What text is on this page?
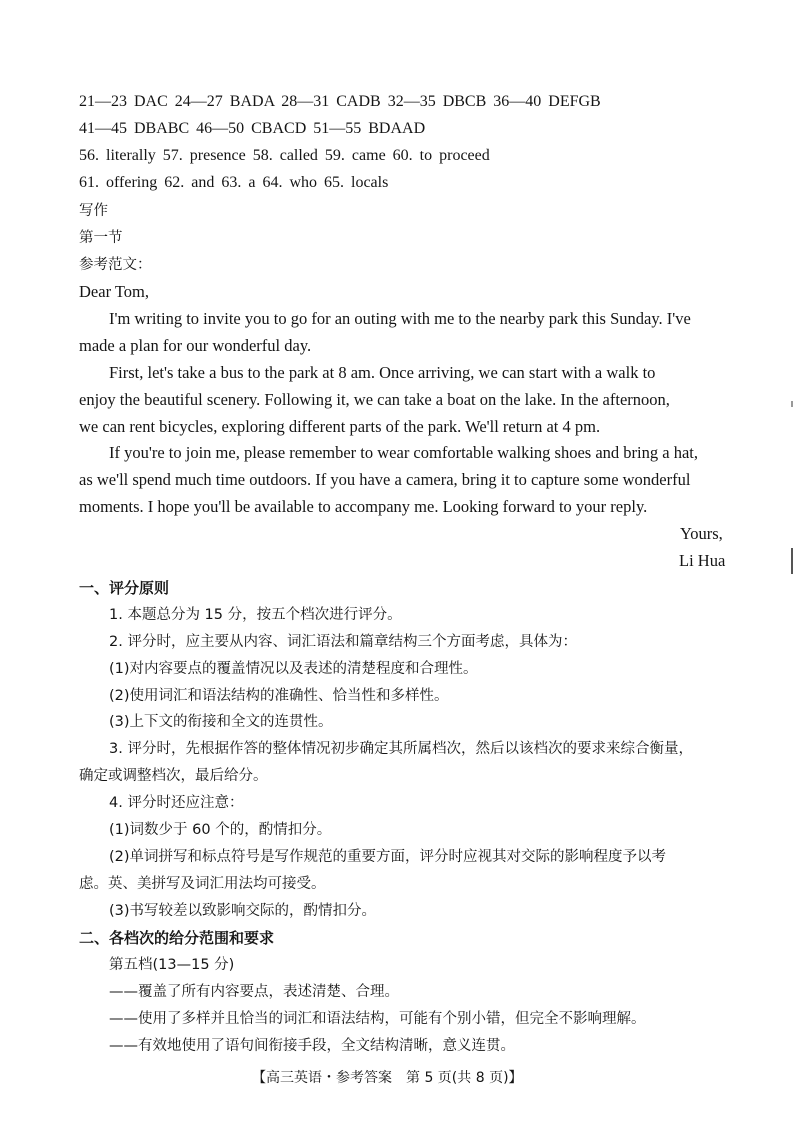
21—23 DAC 24—27 BADA 28—31 CADB 32—35 DBCB 36—40 DEFGB
41—45 DBABC 46—50 CBACD 51—55 BDAAD
56. literally 57. presence 58. called 59. came 60. to proceed
61. offering 62. and 63. a 64. who 65. locals
写作
第一节
参考范文：
Dear Tom,
I'm writing to invite you to go for an outing with me to the nearby park this Sunday. I've
made a plan for our wonderful day.
First, let's take a bus to the park at 8 am. Once arriving, we can start with a walk to
enjoy the beautiful scenery. Following it, we can take a boat on the lake. In the afternoon,
we can rent bicycles, exploring different parts of the park. We'll return at 4 pm.
If you're to join me, please remember to wear comfortable walking shoes and bring a hat,
as we'll spend much time outdoors. If you have a camera, bring it to capture some wonderful
moments. I hope you'll be available to accompany me. Looking forward to your reply.
Yours,
Li Hua
一、评分原则
1. 本题总分为 15 分，按五个档次进行评分。
2. 评分时，应主要从内容、词汇语法和篇章结构三个方面考虑，具体为：
(1)对内容要点的覆盖情况以及表述的清楚程度和合理性。
(2)使用词汇和语法结构的准确性、恰当性和多样性。
(3)上下文的衔接和全文的连贯性。
3. 评分时，先根据作答的整体情况初步确定其所属档次，然后以该档次的要求来综合衡量，
确定或调整档次，最后给分。
4. 评分时还应注意：
(1)词数少于 60 个的，酌情扣分。
(2)单词拼写和标点符号是写作规范的重要方面，评分时应视其对交际的影响程度予以考
虑。英、美拼写及词汇用法均可接受。
(3)书写较差以致影响交际的，酌情扣分。
二、各档次的给分范围和要求
第五档(13—15 分)
——覆盖了所有内容要点，表述清楚、合理。
——使用了多样并且恰当的词汇和语法结构，可能有个别小错，但完全不影响理解。
——有效地使用了语句间衔接手段，全文结构清晰，意义连贯。
【高三英语・参考答案　第 5 页(共 8 页)】
